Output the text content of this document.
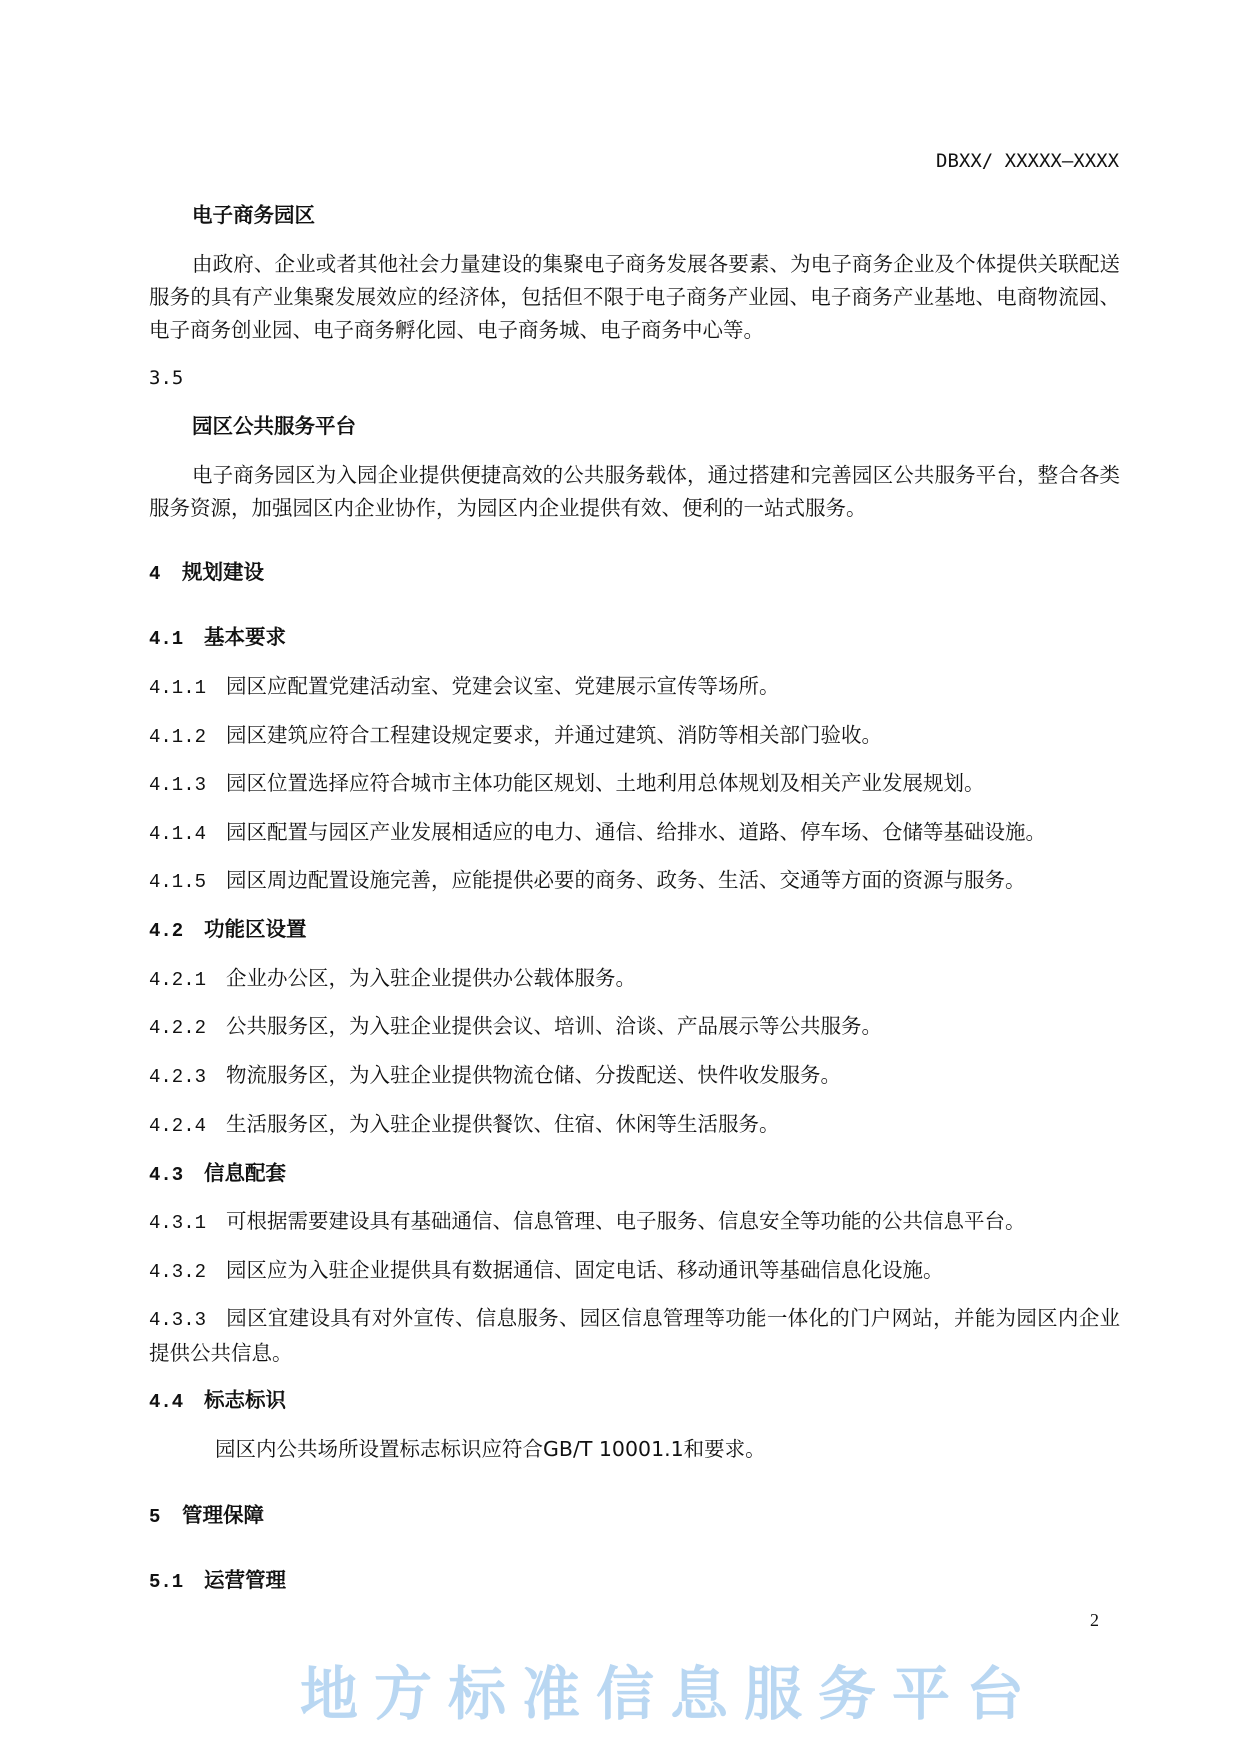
DBXX/ XXXXX—XXXX
电子商务园区
由政府、企业或者其他社会力量建设的集聚电子商务发展各要素、为电子商务企业及个体提供关联配送服务的具有产业集聚发展效应的经济体，包括但不限于电子商务产业园、电子商务产业基地、电商物流园、电子商务创业园、电子商务孵化园、电子商务城、电子商务中心等。
3.5
园区公共服务平台
电子商务园区为入园企业提供便捷高效的公共服务载体，通过搭建和完善园区公共服务平台，整合各类服务资源，加强园区内企业协作，为园区内企业提供有效、便利的一站式服务。
4 规划建设
4.1 基本要求
4.1.1 园区应配置党建活动室、党建会议室、党建展示宣传等场所。
4.1.2 园区建筑应符合工程建设规定要求，并通过建筑、消防等相关部门验收。
4.1.3 园区位置选择应符合城市主体功能区规划、土地利用总体规划及相关产业发展规划。
4.1.4 园区配置与园区产业发展相适应的电力、通信、给排水、道路、停车场、仓储等基础设施。
4.1.5 园区周边配置设施完善，应能提供必要的商务、政务、生活、交通等方面的资源与服务。
4.2 功能区设置
4.2.1 企业办公区，为入驻企业提供办公载体服务。
4.2.2 公共服务区，为入驻企业提供会议、培训、洽谈、产品展示等公共服务。
4.2.3 物流服务区，为入驻企业提供物流仓储、分拨配送、快件收发服务。
4.2.4 生活服务区，为入驻企业提供餐饮、住宿、休闲等生活服务。
4.3 信息配套
4.3.1 可根据需要建设具有基础通信、信息管理、电子服务、信息安全等功能的公共信息平台。
4.3.2 园区应为入驻企业提供具有数据通信、固定电话、移动通讯等基础信息化设施。
4.3.3 园区宜建设具有对外宣传、信息服务、园区信息管理等功能一体化的门户网站，并能为园区内企业提供公共信息。
4.4 标志标识
园区内公共场所设置标志标识应符合GB/T 10001.1和要求。
5 管理保障
5.1 运营管理
2
地方标准信息服务平台
